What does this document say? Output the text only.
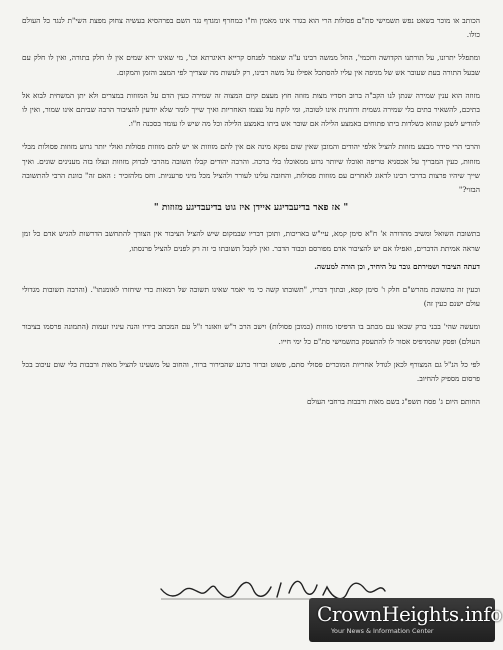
הכותב או מוכר בשאט נפש תשמישי סת"ם פסולות הרי הוא בגדר אינו מאמין וח"ו כמחרף ומגדף נגד השם בפרהסיא בעשיה צחוק מפצת השי"ת לנגד כל העולם כולו.

ומתפלל יתרונו, על תורתנו הקדושה וחכמי', החל ממשה רבינו ע"ה שאמר לפנחס קרייא דאיגרתא וכו', מי שאינו ירא שמים אין לו חלק בתורה, ואין לו חלק עם שבעל התורה בעת שעובר אש של מגיפה אין עליו להסתכל אפילו על משה רבינו, רק לעשות מה שצריך לפי המצב והזמן והמקום.

מזוזה הוא ענין שמירה שנתן לנו הקב"ה ברוב חסדיו מצות מזוזה חוץ מעצם קיום המצוה זה שמירה כעין הדם על המזוזות במצרים ולא יתן המשחית לבוא אל בתיכם, להשאיר בתים בלי שמירה גשמית ורוחנית אינו לטובה, ומי לוקח על עצמו האחריות ואיך שייך לומר שלא יודעין להציבור הרבה שביתם אינו שמור, ואין לו להודיע לשכן שהוא כשלדות ביתו פתוחים באמצע הלילה אם שובר אש ביתו באמצע הלילה וכל מה שיש לו עומד בסכנה ח"ו.

והרבי הרי סידר מבצע מזוזות להציל אלפי יהודים והמובן שאין שום נפקא מינה אם אין להם מזוזות או יש להם מזוזות פסולות ואולי יותר גרוע מזוזות פסולות מבלי מזוזות, כעין המבריך על אכסניא טריפה ואוכלו שיותר גרוע ממאוכלו בלי ברכה. והרבה יהודים קבלו תשובה מהרבי לבדוק מזוזות ונצלו בזה מענינים שונים. ואיך שייך שיהיו פרצות בדרכי רבינו לדאוג לאחרים עם מזוזות פסולות, והחובה עלינו לעורר ולהציל מכל מיני פרעניות. וחס מלהזכיר : האם זה" כוונת הרבי להתשובה הבזוי?"

" אז פאר בדיעבדיגע איידן איז גוט בדיעבדיגע מזוזות "

בתשובת השואל ומשיב מהדורה א' ח"א סימן קמא, עיי"ש באריכות, ותוכן דבריו שבמקום שיש להציל הציבור אין הצורך להתחשב הדרשות להגיש אדם כל זמן שראה אמיתת הדברים, ואפילו אם יש להציבור אדם מפורסם וכבוד הדבר. ואין לקבל תשובתו כי זה רק לפנים להציל פרנסתו,

דעתה הציבור ושמירתם גובר על היחיד, וכן הורה למעשה.

וכעין זה בתשובת מהרש"ם חלק ו' סימן קפא, ובתוך דבריו, "תשובתו קשה כי מי יאמר שאינו תשובה של רמאות כדי שיחזרו לאומנתו". (והרבה תשובות מגדולי עולם ישנם כעין זה)

ומעשה שהי' בבני ברק שבאו עם מכתב בו הדפיסו מזוזות (כמובן פסולות) וישב הרב ר"ש וואזנר ז"ל עם המכתב בידיו והנה עיניו זעמות (התמונה פרסמו בציבור העולם) ופסק שהמדפיס אסור לו להתעסק בתשמישי סת"ם כל ימי חייו.

לפי כל הנ"ל גם המצורף לכאן לגודל אחריות המוכרים פסולי סתם, פשוט וברור ברגע שהבירור ברור, והחוב על משעינו להציל מאות ורבבות בלי שום עיכוב בכל פרסום מספיק להחיוב.

החותם היום ג' פסח תשפ"ג בשם מאות ורבבות ברחבי העולם

CrownHeights.info
Your News & Information Center
